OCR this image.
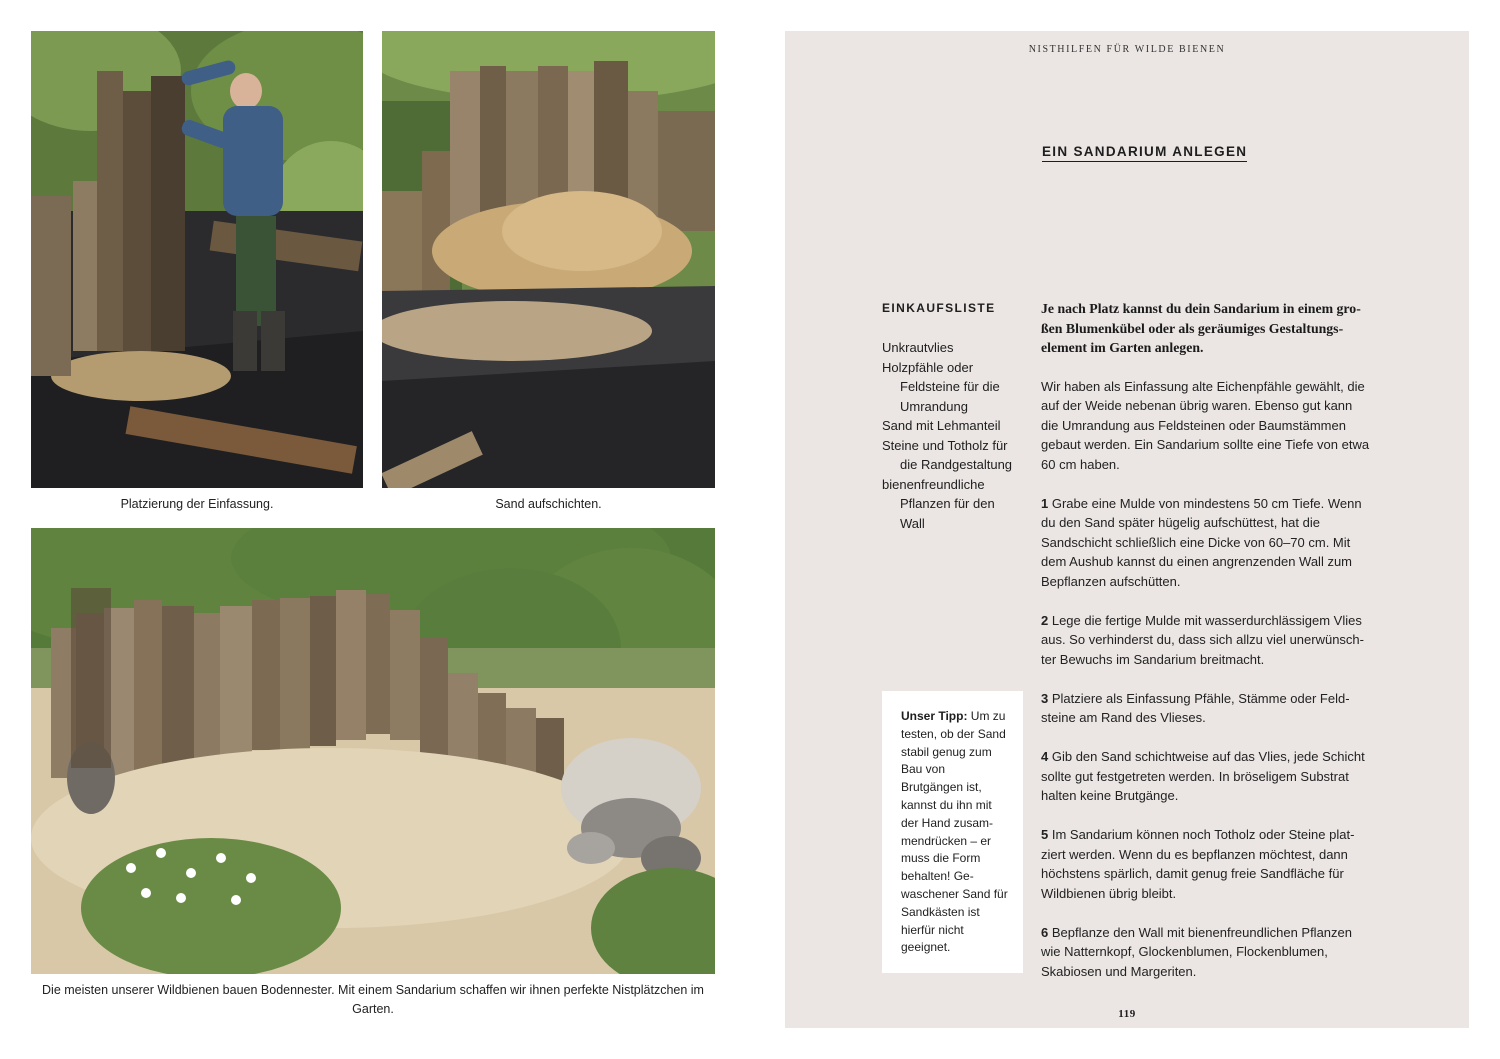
Platzierung der Einfassung.	Sand aufschichten.
Die meisten unserer Wildbienen bauen Bodennester. Mit einem Sandarium schaffen wir ihnen perfekte Nistplätzchen im Garten.
NISTHILFEN FÜR WILDE BIENEN
EIN SANDARIUM ANLEGEN
EINKAUFSLISTE
Unkrautvlies
Holzpfähle oder Feldsteine für die Umrandung
Sand mit Lehmanteil
Steine und Totholz für die Randgestaltung
bienenfreundliche Pflanzen für den Wall
Unser Tipp: Um zu testen, ob der Sand stabil genug zum Bau von Brutgängen ist, kannst du ihn mit der Hand zusammendrücken – er muss die Form behalten! Gewaschener Sand für Sandkästen ist hierfür nicht geeignet.

Je nach Platz kannst du dein Sandarium in einem großen Blumenkübel oder als geräumiges Gestaltungselement im Garten anlegen.

Wir haben als Einfassung alte Eichenpfähle gewählt, die auf der Weide nebenan übrig waren. Ebenso gut kann die Umrandung aus Feldsteinen oder Baumstämmen gebaut werden. Ein Sandarium sollte eine Tiefe von etwa 60 cm haben.

1 Grabe eine Mulde von mindestens 50 cm Tiefe. Wenn du den Sand später hügelig aufschüttest, hat die Sandschicht schließlich eine Dicke von 60–70 cm. Mit dem Aushub kannst du einen angrenzenden Wall zum Bepflanzen aufschütten.

2 Lege die fertige Mulde mit wasserdurchlässigem Vlies aus. So verhinderst du, dass sich allzu viel unerwünschter Bewuchs im Sandarium breitmacht.

3 Platziere als Einfassung Pfähle, Stämme oder Feldsteine am Rand des Vlieses.

4 Gib den Sand schichtweise auf das Vlies, jede Schicht sollte gut festgetreten werden. In bröseligem Substrat halten keine Brutgänge.

5 Im Sandarium können noch Totholz oder Steine platziert werden. Wenn du es bepflanzen möchtest, dann höchstens spärlich, damit genug freie Sandfläche für Wildbienen übrig bleibt.

6 Bepflanze den Wall mit bienenfreundlichen Pflanzen wie Natternkopf, Glockenblumen, Flockenblumen, Skabiosen und Margeriten.

119
